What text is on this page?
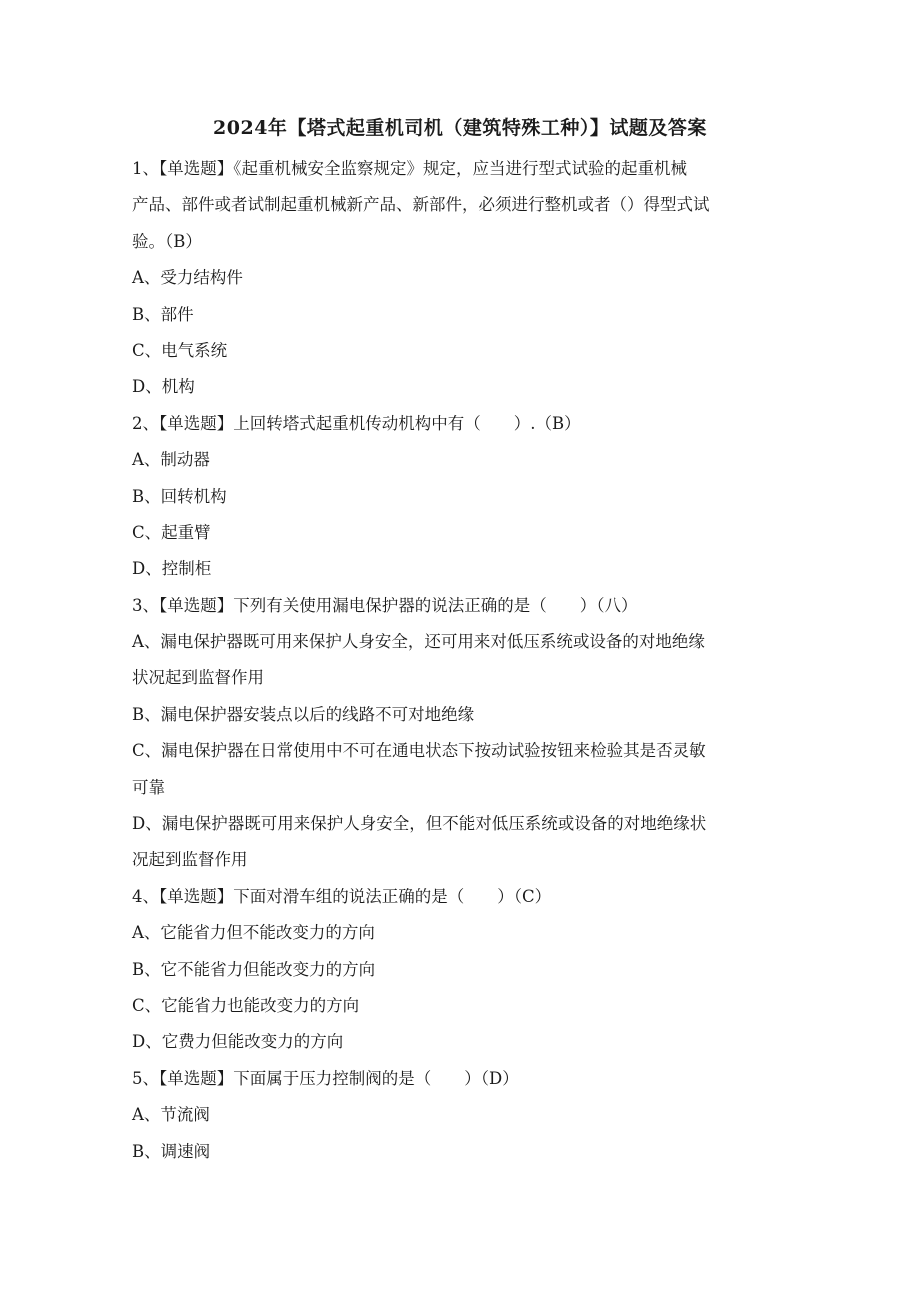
2024年【塔式起重机司机（建筑特殊工种）】试题及答案
1、【单选题】《起重机械安全监察规定》规定，应当进行型式试验的起重机械
产品、部件或者试制起重机械新产品、新部件，必须进行整机或者（）得型式试
验。（B）
A、受力结构件
B、部件
C、电气系统
D、机构
2、【单选题】上回转塔式起重机传动机构中有（　　）.（B）
A、制动器
B、回转机构
C、起重臂
D、控制柜
3、【单选题】下列有关使用漏电保护器的说法正确的是（　　）（八）
A、漏电保护器既可用来保护人身安全，还可用来对低压系统或设备的对地绝缘
状况起到监督作用
B、漏电保护器安装点以后的线路不可对地绝缘
C、漏电保护器在日常使用中不可在通电状态下按动试验按钮来检验其是否灵敏
可靠
D、漏电保护器既可用来保护人身安全，但不能对低压系统或设备的对地绝缘状
况起到监督作用
4、【单选题】下面对滑车组的说法正确的是（　　）（C）
A、它能省力但不能改变力的方向
B、它不能省力但能改变力的方向
C、它能省力也能改变力的方向
D、它费力但能改变力的方向
5、【单选题】下面属于压力控制阀的是（　　）（D）
A、节流阀
B、调速阀
